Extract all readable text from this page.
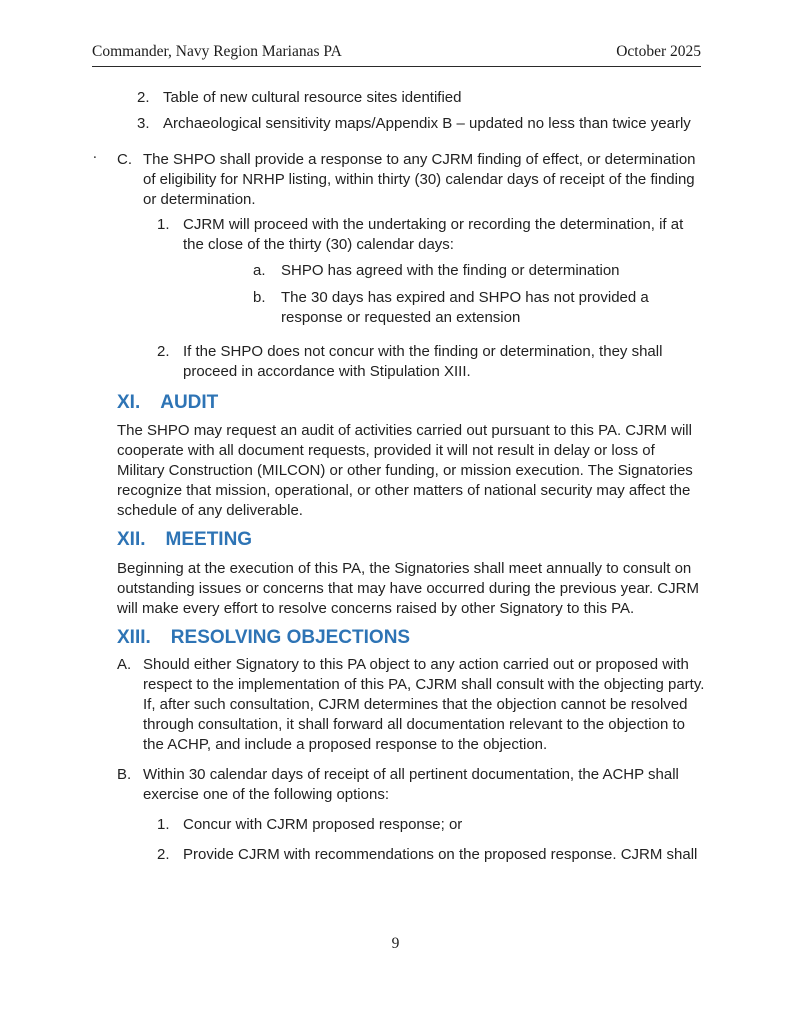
Commander, Navy Region Marianas PA	October 2025
.
2. Table of new cultural resource sites identified
3. Archaeological sensitivity maps/Appendix B – updated no less than twice yearly
C. The SHPO shall provide a response to any CJRM finding of effect, or determination of eligibility for NRHP listing, within thirty (30) calendar days of receipt of the finding or determination.
1. CJRM will proceed with the undertaking or recording the determination, if at the close of the thirty (30) calendar days:
a.	SHPO has agreed with the finding or determination
b.	The 30 days has expired and SHPO has not provided a response or requested an extension
2. If the SHPO does not concur with the finding or determination, they shall proceed in accordance with Stipulation XIII.
XI. AUDIT

The SHPO may request an audit of activities carried out pursuant to this PA. CJRM will cooperate with all document requests, provided it will not result in delay or loss of Military Construction (MILCON) or other funding, or mission execution. The Signatories recognize that mission, operational, or other matters of national security may affect the schedule of any deliverable.

XII. MEETING

Beginning at the execution of this PA, the Signatories shall meet annually to consult on outstanding issues or concerns that may have occurred during the previous year. CJRM will make every effort to resolve concerns raised by other Signatory to this PA.

XIII. RESOLVING OBJECTIONS
A. Should either Signatory to this PA object to any action carried out or proposed with respect to the implementation of this PA, CJRM shall consult with the objecting party. If, after such consultation, CJRM determines that the objection cannot be resolved through consultation, it shall forward all documentation relevant to the objection to the ACHP, and include a proposed response to the objection.
B. Within 30 calendar days of receipt of all pertinent documentation, the ACHP shall exercise one of the following options:
1. Concur with CJRM proposed response; or
2. Provide CJRM with recommendations on the proposed response. CJRM shall
9
